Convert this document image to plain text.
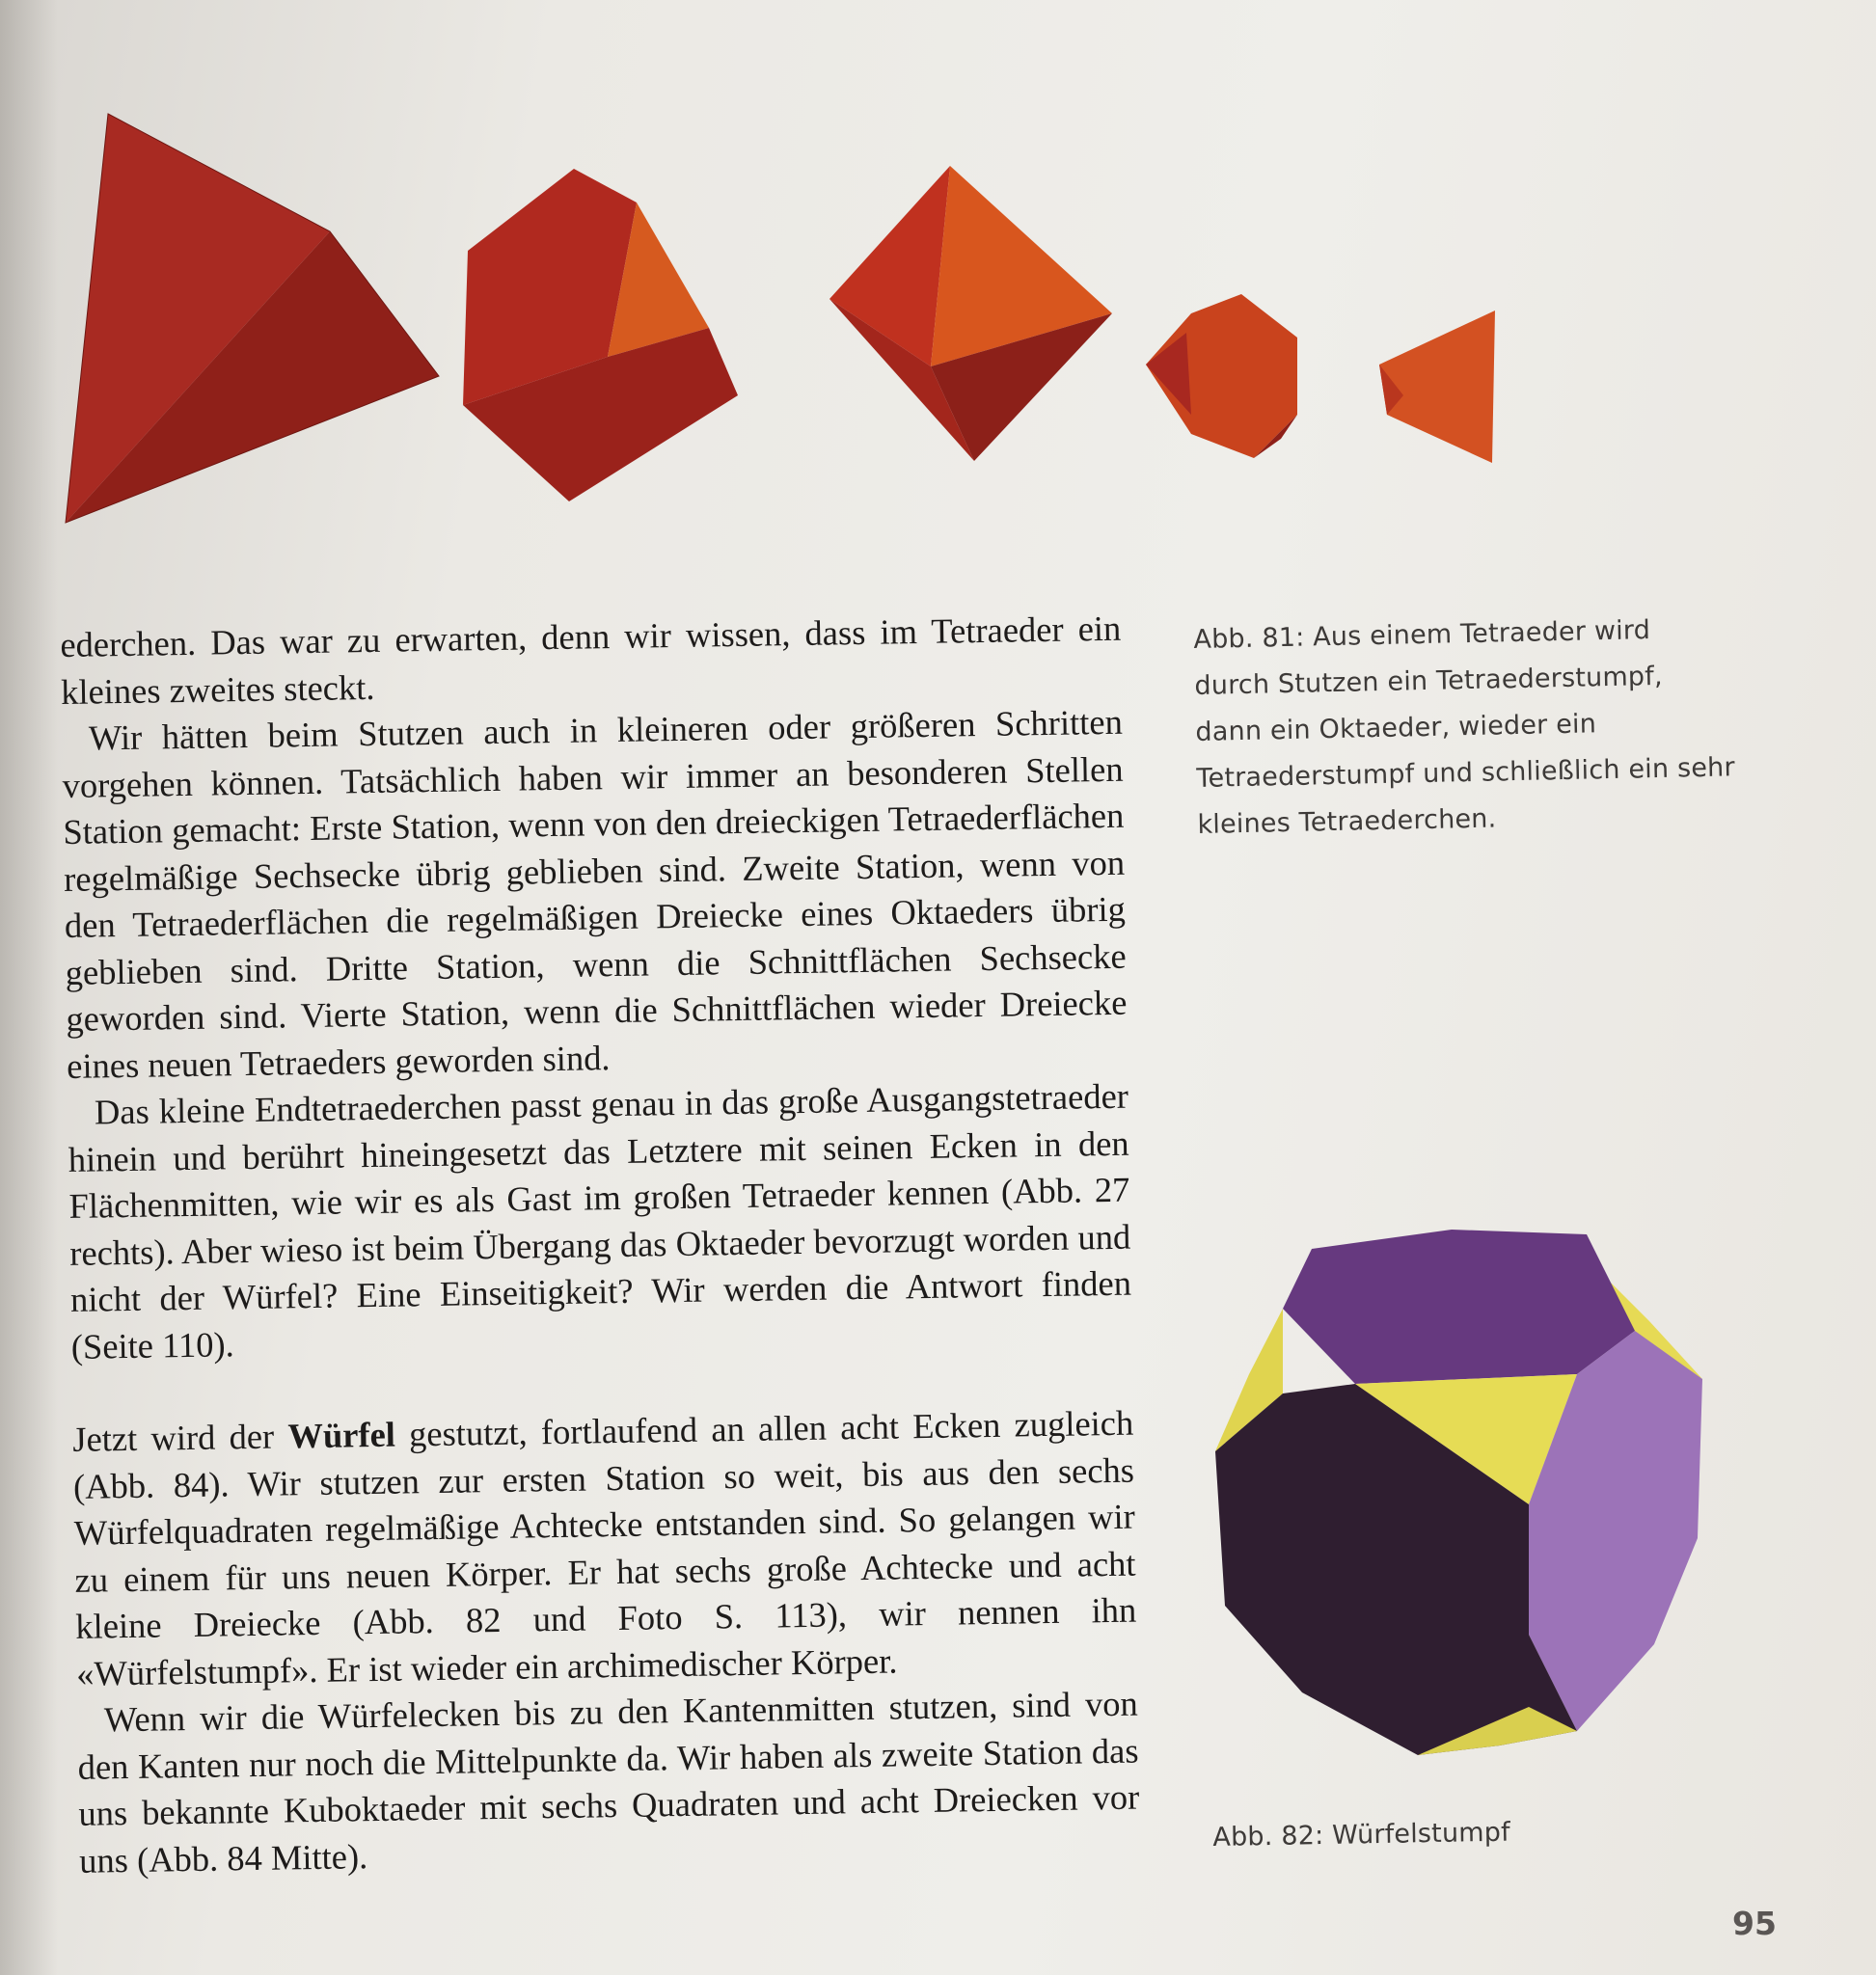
ederchen. Das war zu erwarten, denn wir wissen, dass im Tetraeder ein kleines zweites steckt.

Wir hätten beim Stutzen auch in kleineren oder größeren Schritten vorgehen können. Tatsächlich haben wir immer an besonderen Stellen Station gemacht: Erste Station, wenn von den dreieckigen Tetraederflächen regelmäßige Sechsecke übrig geblieben sind. Zweite Station, wenn von den Tetraederflächen die regelmäßigen Dreiecke eines Oktaeders übrig geblieben sind. Dritte Station, wenn die Schnittflächen Sechsecke geworden sind. Vierte Station, wenn die Schnittflächen wieder Dreiecke eines neuen Tetraeders geworden sind.

Das kleine Endtetraederchen passt genau in das große Ausgangstetraeder hinein und berührt hineingesetzt das Letztere mit seinen Ecken in den Flächenmitten, wie wir es als Gast im großen Tetraeder kennen (Abb. 27 rechts). Aber wieso ist beim Übergang das Oktaeder bevorzugt worden und nicht der Würfel? Eine Einseitigkeit? Wir werden die Antwort finden (Seite 110).

Jetzt wird der Würfel gestutzt, fortlaufend an allen acht Ecken zugleich (Abb. 84). Wir stutzen zur ersten Station so weit, bis aus den sechs Würfelquadraten regelmäßige Achtecke entstanden sind. So gelangen wir zu einem für uns neuen Körper. Er hat sechs große Achtecke und acht kleine Dreiecke (Abb. 82 und Foto S. 113), wir nennen ihn «Würfelstumpf». Er ist wieder ein archimedischer Körper.

Wenn wir die Würfelecken bis zu den Kantenmitten stutzen, sind von den Kanten nur noch die Mittelpunkte da. Wir haben als zweite Station das uns bekannte Kuboktaeder mit sechs Quadraten und acht Dreiecken vor uns (Abb. 84 Mitte).

Abb. 81: Aus einem Tetraeder wird durch Stutzen ein Tetraederstumpf, dann ein Oktaeder, wieder ein Tetraederstumpf und schließlich ein sehr kleines Tetraederchen.
Abb. 82: Würfelstumpf
95
